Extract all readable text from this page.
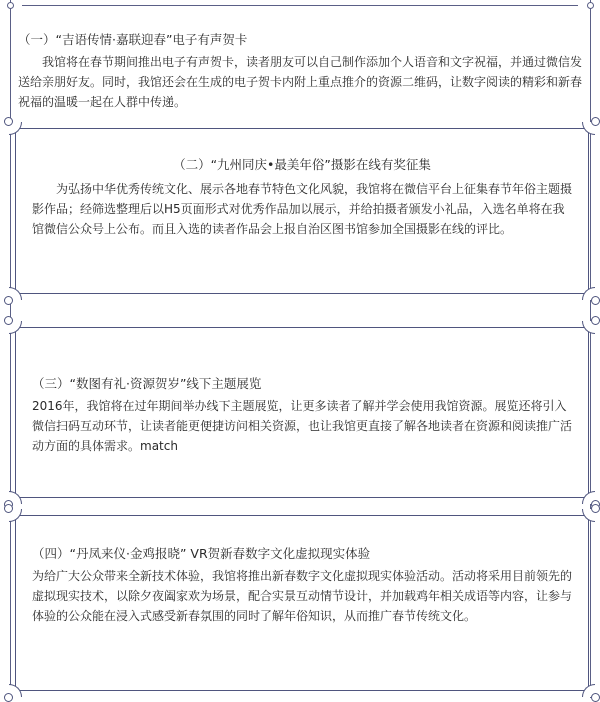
（一）“吉语传情·嘉联迎春”电子有声贺卡

我馆将在春节期间推出电子有声贺卡，读者朋友可以自己制作添加个人语音和文字祝福，并通过微信发送给亲朋好友。同时，我馆还会在生成的电子贺卡内附上重点推介的资源二维码，让数字阅读的精彩和新春祝福的温暖一起在人群中传递。

（二）“九州同庆•最美年俗”摄影在线有奖征集

为弘扬中华优秀传统文化、展示各地春节特色文化风貌，我馆将在微信平台上征集春节年俗主题摄影作品；经筛选整理后以H5页面形式对优秀作品加以展示，并给拍摄者颁发小礼品，入选名单将在我馆微信公众号上公布。而且入选的读者作品会上报自治区图书馆参加全国摄影在线的评比。

（三）“数图有礼·资源贺岁”线下主题展览

2016年，我馆将在过年期间举办线下主题展览，让更多读者了解并学会使用我馆资源。展览还将引入微信扫码互动环节，让读者能更便捷访问相关资源，也让我馆更直接了解各地读者在资源和阅读推广活动方面的具体需求。match

（四）“丹凤来仪·金鸡报晓” VR贺新春数字文化虚拟现实体验

为给广大公众带来全新技术体验，我馆将推出新春数字文化虚拟现实体验活动。活动将采用目前领先的虚拟现实技术，以除夕夜阖家欢为场景，配合实景互动情节设计，并加载鸡年相关成语等内容，让参与体验的公众能在浸入式感受新春氛围的同时了解年俗知识，从而推广春节传统文化。
